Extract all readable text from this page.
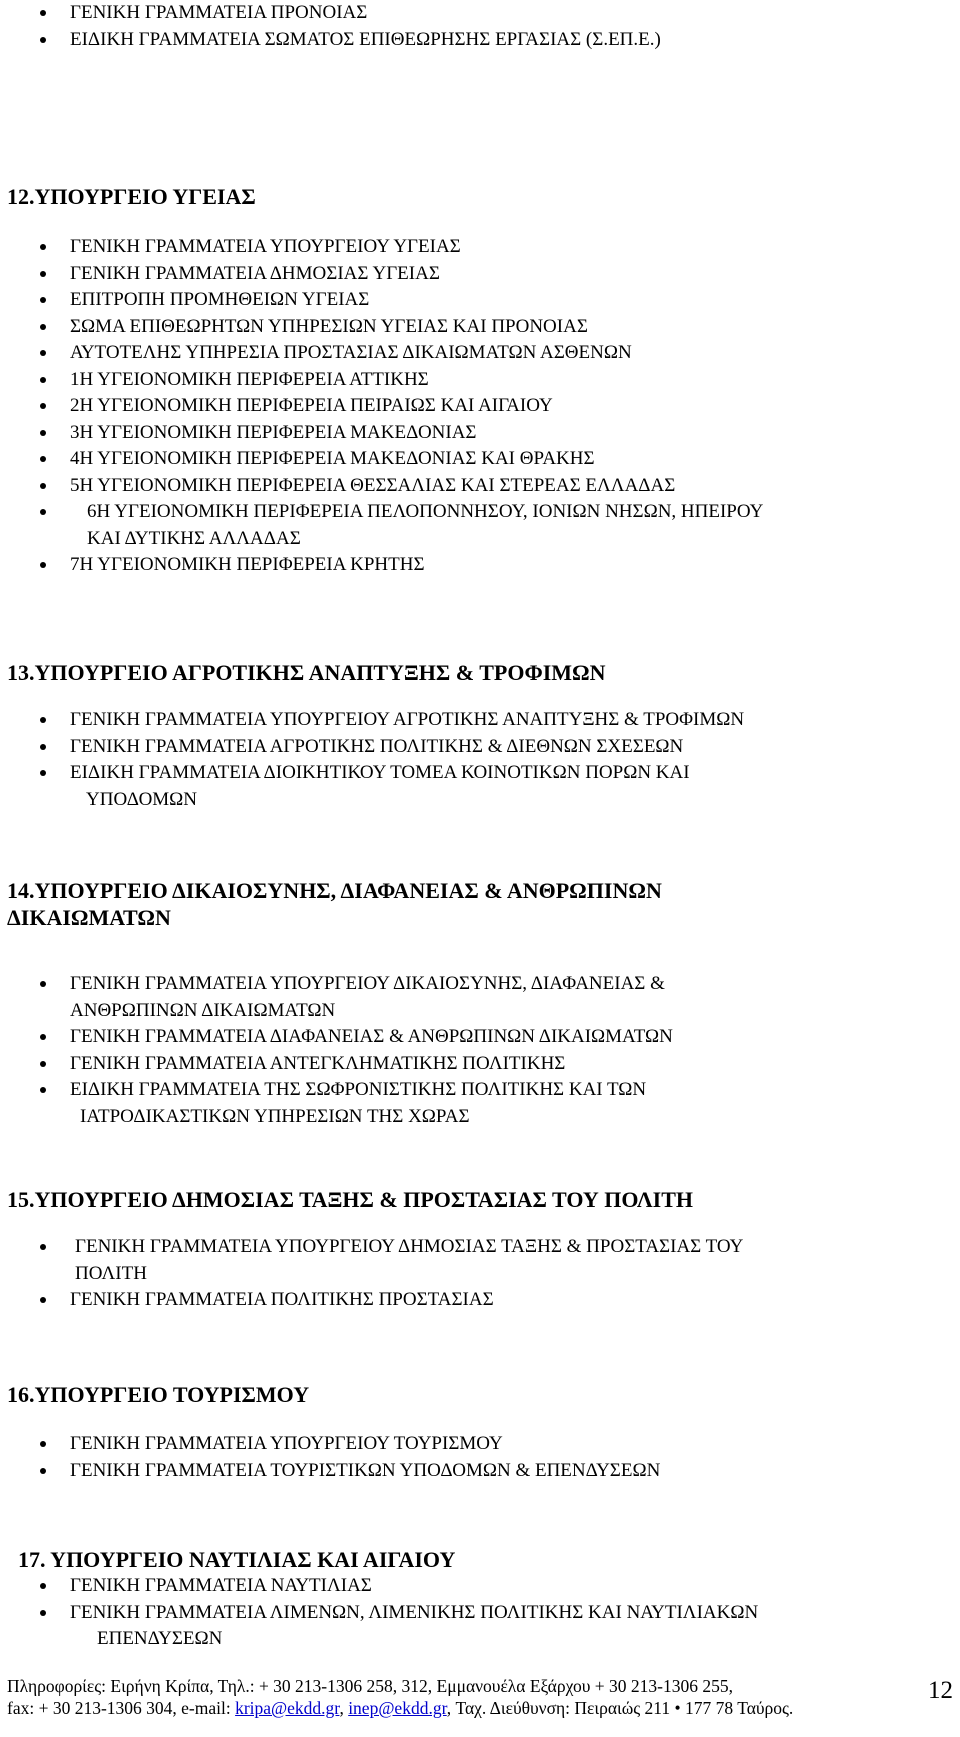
ΓΕΝΙΚΗ ΓΡΑΜΜΑΤΕΙΑ ΠΡΟΝΟΙΑΣ
ΕΙΔΙΚΗ ΓΡΑΜΜΑΤΕΙΑ ΣΩΜΑΤΟΣ ΕΠΙΘΕΩΡΗΣΗΣ ΕΡΓΑΣΙΑΣ (Σ.ΕΠ.Ε.)
12.ΥΠΟΥΡΓΕΙΟ ΥΓΕΙΑΣ
ΓΕΝΙΚΗ ΓΡΑΜΜΑΤΕΙΑ ΥΠΟΥΡΓΕΙΟΥ ΥΓΕΙΑΣ
ΓΕΝΙΚΗ ΓΡΑΜΜΑΤΕΙΑ ΔΗΜΟΣΙΑΣ ΥΓΕΙΑΣ
ΕΠΙΤΡΟΠΗ ΠΡΟΜΗΘΕΙΩΝ ΥΓΕΙΑΣ
ΣΩΜΑ ΕΠΙΘΕΩΡΗΤΩΝ ΥΠΗΡΕΣΙΩΝ ΥΓΕΙΑΣ ΚΑΙ ΠΡΟΝΟΙΑΣ
ΑΥΤΟΤΕΛΗΣ ΥΠΗΡΕΣΙΑ ΠΡΟΣΤΑΣΙΑΣ ΔΙΚΑΙΩΜΑΤΩΝ ΑΣΘΕΝΩΝ
1Η ΥΓΕΙΟΝΟΜΙΚΗ ΠΕΡΙΦΕΡΕΙΑ ΑΤΤΙΚΗΣ
2Η ΥΓΕΙΟΝΟΜΙΚΗ ΠΕΡΙΦΕΡΕΙΑ ΠΕΙΡΑΙΩΣ ΚΑΙ ΑΙΓΑΙΟΥ
3Η ΥΓΕΙΟΝΟΜΙΚΗ ΠΕΡΙΦΕΡΕΙΑ ΜΑΚΕΔΟΝΙΑΣ
4Η ΥΓΕΙΟΝΟΜΙΚΗ ΠΕΡΙΦΕΡΕΙΑ ΜΑΚΕΔΟΝΙΑΣ ΚΑΙ ΘΡΑΚΗΣ
5Η ΥΓΕΙΟΝΟΜΙΚΗ ΠΕΡΙΦΕΡΕΙΑ ΘΕΣΣΑΛΙΑΣ ΚΑΙ ΣΤΕΡΕΑΣ ΕΛΛΑΔΑΣ
6Η ΥΓΕΙΟΝΟΜΙΚΗ ΠΕΡΙΦΕΡΕΙΑ ΠΕΛΟΠΟΝΝΗΣΟΥ, ΙΟΝΙΩΝ ΝΗΣΩΝ, ΗΠΕΙΡΟΥ
ΚΑΙ ΔΥΤΙΚΗΣ ΑΛΛΑΔΑΣ
7Η ΥΓΕΙΟΝΟΜΙΚΗ ΠΕΡΙΦΕΡΕΙΑ ΚΡΗΤΗΣ
13.ΥΠΟΥΡΓΕΙΟ ΑΓΡΟΤΙΚΗΣ ΑΝΑΠΤΥΞΗΣ & ΤΡΟΦΙΜΩΝ
ΓΕΝΙΚΗ ΓΡΑΜΜΑΤΕΙΑ ΥΠΟΥΡΓΕΙΟΥ ΑΓΡΟΤΙΚΗΣ ΑΝΑΠΤΥΞΗΣ & ΤΡΟΦΙΜΩΝ
ΓΕΝΙΚΗ ΓΡΑΜΜΑΤΕΙΑ ΑΓΡΟΤΙΚΗΣ ΠΟΛΙΤΙΚΗΣ & ΔΙΕΘΝΩΝ ΣΧΕΣΕΩΝ
ΕΙΔΙΚΗ ΓΡΑΜΜΑΤΕΙΑ ΔΙΟΙΚΗΤΙΚΟΥ ΤΟΜΕΑ ΚΟΙΝΟΤΙΚΩΝ ΠΟΡΩΝ ΚΑΙ
ΥΠΟΔΟΜΩΝ
14.ΥΠΟΥΡΓΕΙΟ ΔΙΚΑΙΟΣΥΝΗΣ, ΔΙΑΦΑΝΕΙΑΣ & ΑΝΘΡΩΠΙΝΩΝ
ΔΙΚΑΙΩΜΑΤΩΝ
ΓΕΝΙΚΗ ΓΡΑΜΜΑΤΕΙΑ ΥΠΟΥΡΓΕΙΟΥ ΔΙΚΑΙΟΣΥΝΗΣ, ΔΙΑΦΑΝΕΙΑΣ &
ΑΝΘΡΩΠΙΝΩΝ ΔΙΚΑΙΩΜΑΤΩΝ
ΓΕΝΙΚΗ ΓΡΑΜΜΑΤΕΙΑ ΔΙΑΦΑΝΕΙΑΣ & ΑΝΘΡΩΠΙΝΩΝ ΔΙΚΑΙΩΜΑΤΩΝ
ΓΕΝΙΚΗ ΓΡΑΜΜΑΤΕΙΑ ΑΝΤΕΓΚΛΗΜΑΤΙΚΗΣ ΠΟΛΙΤΙΚΗΣ
ΕΙΔΙΚΗ ΓΡΑΜΜΑΤΕΙΑ ΤΗΣ ΣΩΦΡΟΝΙΣΤΙΚΗΣ ΠΟΛΙΤΙΚΗΣ ΚΑΙ ΤΩΝ
ΙΑΤΡΟΔΙΚΑΣΤΙΚΩΝ ΥΠΗΡΕΣΙΩΝ ΤΗΣ ΧΩΡΑΣ
15.ΥΠΟΥΡΓΕΙΟ ΔΗΜΟΣΙΑΣ ΤΑΞΗΣ & ΠΡΟΣΤΑΣΙΑΣ ΤΟΥ ΠΟΛΙΤΗ
ΓΕΝΙΚΗ ΓΡΑΜΜΑΤΕΙΑ ΥΠΟΥΡΓΕΙΟΥ ΔΗΜΟΣΙΑΣ ΤΑΞΗΣ & ΠΡΟΣΤΑΣΙΑΣ ΤΟΥ
ΠΟΛΙΤΗ
ΓΕΝΙΚΗ ΓΡΑΜΜΑΤΕΙΑ ΠΟΛΙΤΙΚΗΣ ΠΡΟΣΤΑΣΙΑΣ
16.ΥΠΟΥΡΓΕΙΟ ΤΟΥΡΙΣΜΟΥ
ΓΕΝΙΚΗ ΓΡΑΜΜΑΤΕΙΑ ΥΠΟΥΡΓΕΙΟΥ ΤΟΥΡΙΣΜΟΥ
ΓΕΝΙΚΗ ΓΡΑΜΜΑΤΕΙΑ ΤΟΥΡΙΣΤΙΚΩΝ ΥΠΟΔΟΜΩΝ & ΕΠΕΝΔΥΣΕΩΝ
17. ΥΠΟΥΡΓΕΙΟ ΝΑΥΤΙΛΙΑΣ ΚΑΙ ΑΙΓΑΙΟΥ
ΓΕΝΙΚΗ ΓΡΑΜΜΑΤΕΙΑ ΝΑΥΤΙΛΙΑΣ
ΓΕΝΙΚΗ ΓΡΑΜΜΑΤΕΙΑ ΛΙΜΕΝΩΝ, ΛΙΜΕΝΙΚΗΣ ΠΟΛΙΤΙΚΗΣ ΚΑΙ ΝΑΥΤΙΛΙΑΚΩΝ
ΕΠΕΝΔΥΣΕΩΝ
Πληροφορίες: Ειρήνη Κρίπα, Τηλ.: + 30 213-1306 258, 312, Εμμανουέλα Εξάρχου + 30 213-1306 255,
fax: + 30 213-1306 304, e-mail: kripa@ekdd.gr, inep@ekdd.gr, Ταχ. Διεύθυνση: Πειραιώς 211 • 177 78 Ταύρος.
12
